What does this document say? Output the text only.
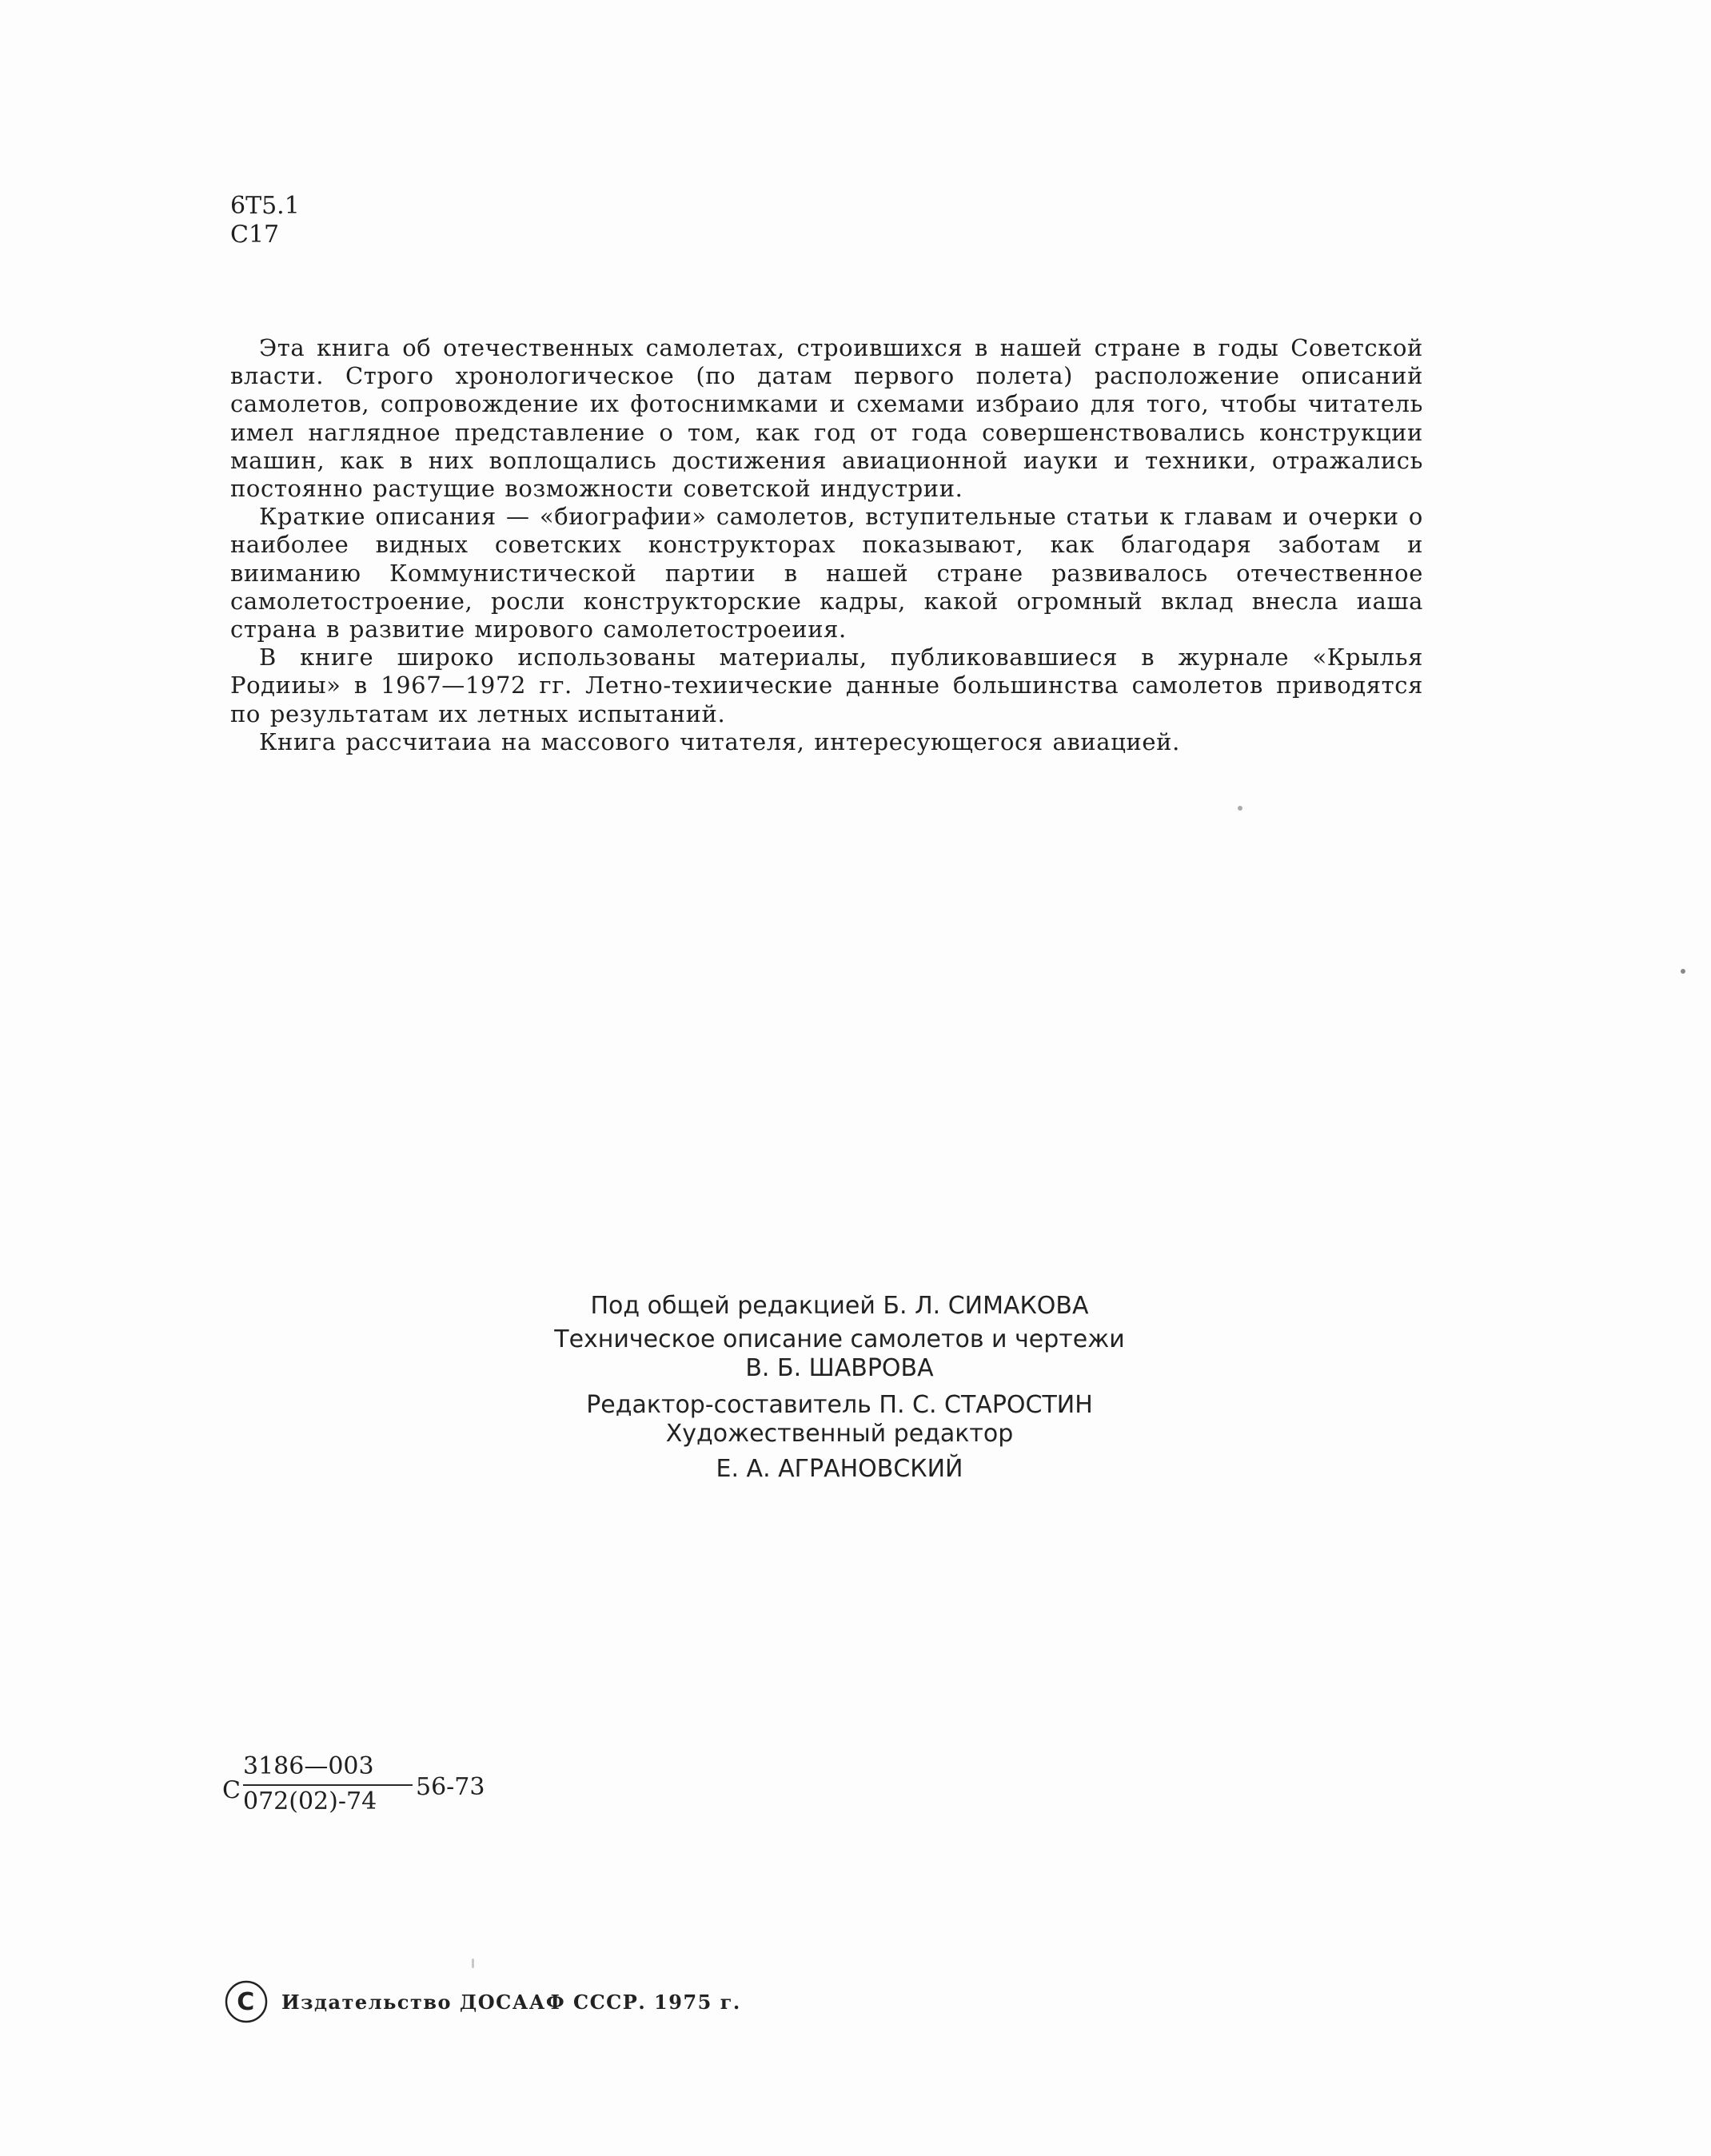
6Т5.1
С17

Эта книга об отечественных самолетах, строившихся в нашей стране в годы Советской власти. Строго хронологическое (по датам первого полета) расположение описаний самолетов, сопровождение их фотоснимками и схемами избраио для того, чтобы читатель имел наглядное представление о том, как год от года совершенствовались конструкции машин, как в них воплощались достижения авиационной иауки и техники, отражались постоянно растущие возможности советской индустрии.

Краткие описания — «биографии» самолетов, вступительные статьи к главам и очерки о наиболее видных советских конструкторах показывают, как благодаря заботам и вииманию Коммунистической партии в нашей стране развивалось отечественное самолетостроение, росли конструкторские кадры, какой огромный вклад внесла иаша страна в развитие мирового самолетостроеиия.

В книге широко использованы материалы, публиковавшиеся в журнале «Крылья Родииы» в 1967—1972 гг. Летно-техиические данные большинства самолетов приводятся по результатам их летных испытаний.

Книга рассчитаиа на массового читателя, интересующегося авиацией.

Под общей редакцией Б. Л. СИМАКОВА
Техническое описание самолетов и чертежи
В. Б. ШАВРОВА
Редактор-составитель П. С. СТАРОСТИН
Художественный редактор
Е. А. АГРАНОВСКИЙ
С
3186—003
072(02)-74
56-73
C Издательство ДОСААФ СССР. 1975 г.
